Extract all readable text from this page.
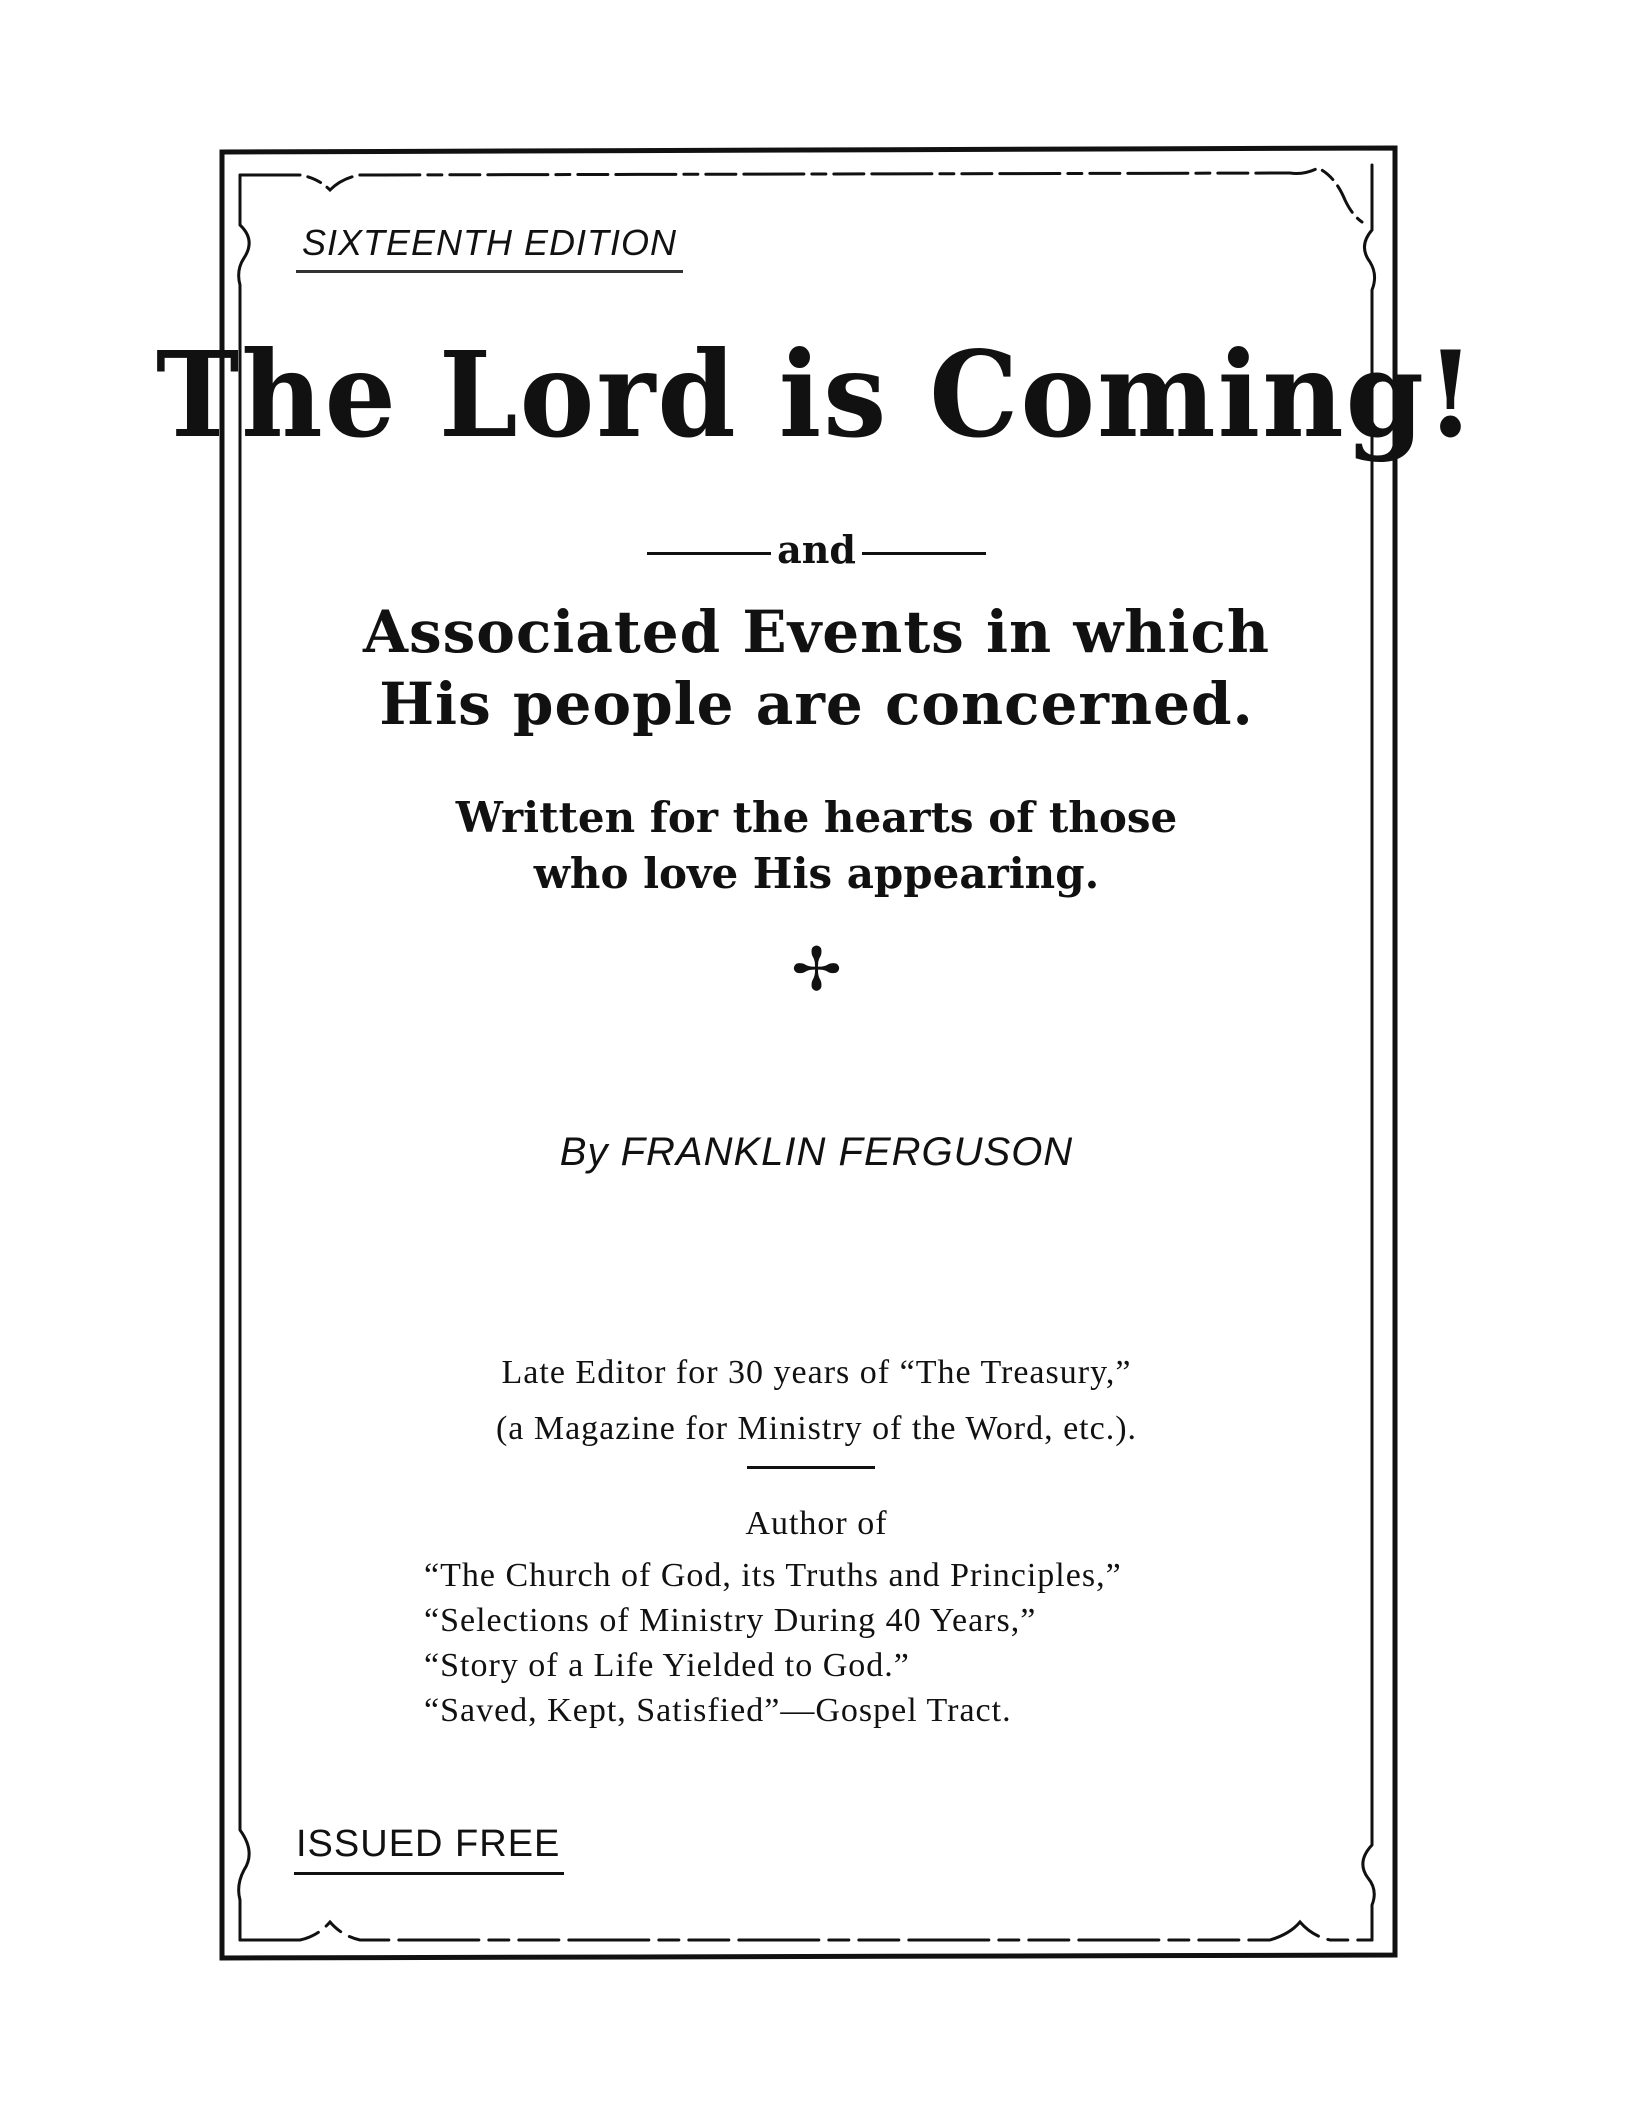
SIXTEENTH EDITION
The Lord is Coming!
and
Associated Events in which
His people are concerned.
Written for the hearts of those
who love His appearing.
✢
By FRANKLIN FERGUSON
Late Editor for 30 years of “The Treasury,”
(a Magazine for Ministry of the Word, etc.).
Author of
“The Church of God, its Truths and Principles,”
“Selections of Ministry During 40 Years,”
“Story of a Life Yielded to God.”
“Saved, Kept, Satisfied”—Gospel Tract.
ISSUED FREE
